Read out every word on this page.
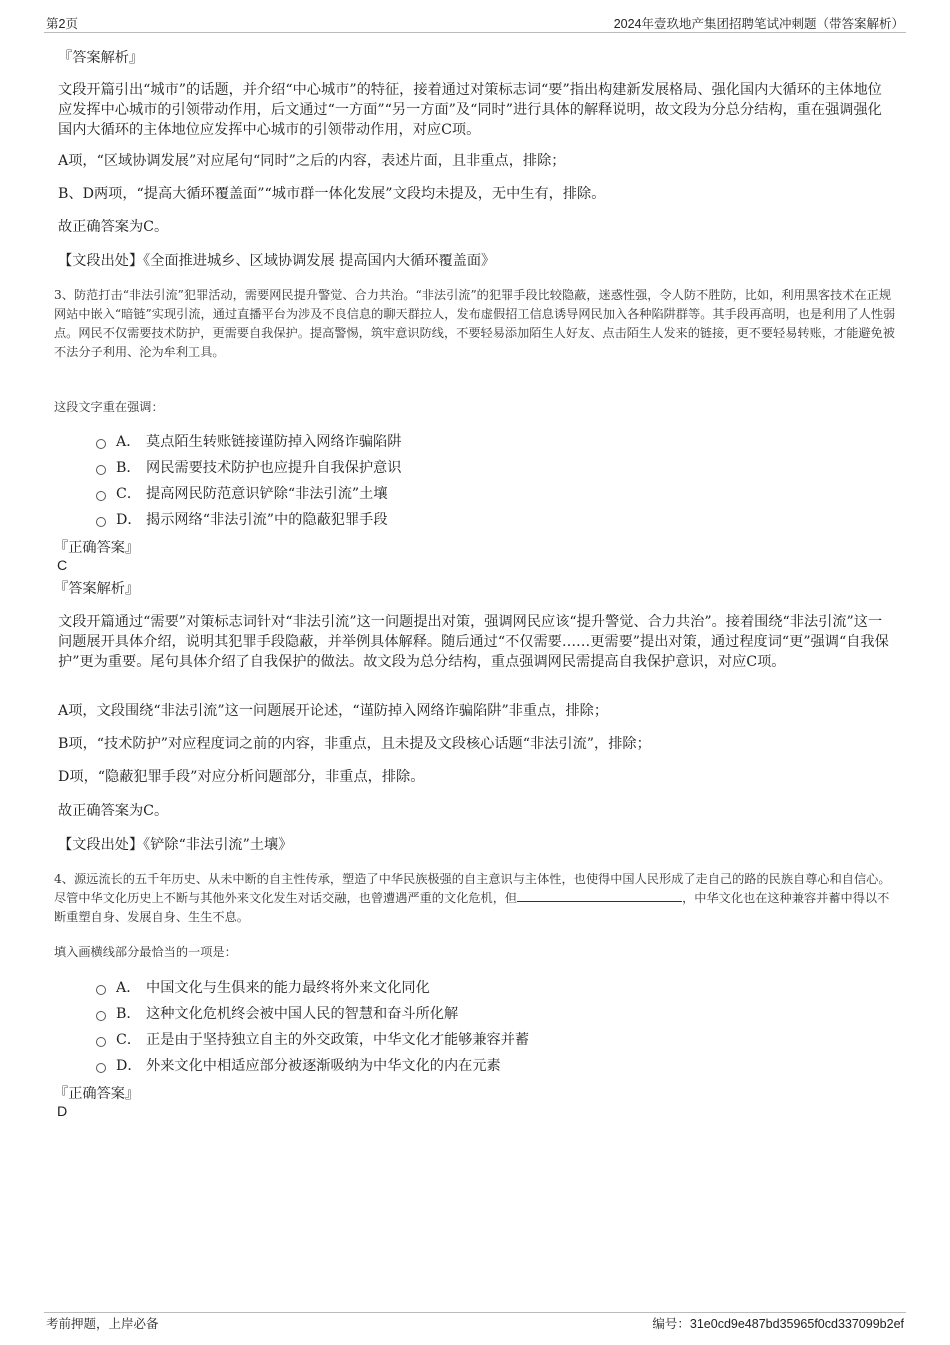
第2页	2024年壹玖地产集团招聘笔试冲刺题（带答案解析）
『答案解析』
文段开篇引出“城市”的话题，并介绍“中心城市”的特征，接着通过对策标志词“要”指出构建新发展格局、强化国内大循环的主体地位应发挥中心城市的引领带动作用，后文通过“一方面”“另一方面”及“同时”进行具体的解释说明，故文段为分总分结构，重在强调强化国内大循环的主体地位应发挥中心城市的引领带动作用，对应C项。
A项，“区域协调发展”对应尾句“同时”之后的内容，表述片面，且非重点，排除；
B、D两项，“提高大循环覆盖面”“城市群一体化发展”文段均未提及，无中生有，排除。
故正确答案为C。
【文段出处】《全面推进城乡、区域协调发展 提高国内大循环覆盖面》
3、防范打击“非法引流”犯罪活动，需要网民提升警觉、合力共治。“非法引流”的犯罪手段比较隐蔽，迷惑性强，令人防不胜防，比如，利用黑客技术在正规网站中嵌入“暗链”实现引流，通过直播平台为涉及不良信息的聊天群拉人，发布虚假招工信息诱导网民加入各种陷阱群等。其手段再高明，也是利用了人性弱点。网民不仅需要技术防护，更需要自我保护。提高警惕，筑牢意识防线，不要轻易添加陌生人好友、点击陌生人发来的链接，更不要轻易转账，才能避免被不法分子利用、沦为牟利工具。
这段文字重在强调：
A． 莫点陌生转账链接谨防掉入网络诈骗陷阱
B． 网民需要技术防护也应提升自我保护意识
C． 提高网民防范意识铲除“非法引流”土壤
D． 揭示网络“非法引流”中的隐蔽犯罪手段
『正确答案』
C
『答案解析』
文段开篇通过“需要”对策标志词针对“非法引流”这一问题提出对策，强调网民应该“提升警觉、合力共治”。接着围绕“非法引流”这一问题展开具体介绍，说明其犯罪手段隐蔽，并举例具体解释。随后通过“不仅需要……更需要”提出对策，通过程度词“更”强调“自我保护”更为重要。尾句具体介绍了自我保护的做法。故文段为总分结构，重点强调网民需提高自我保护意识，对应C项。
A项，文段围绕“非法引流”这一问题展开论述，“谨防掉入网络诈骗陷阱”非重点，排除；
B项，“技术防护”对应程度词之前的内容，非重点，且未提及文段核心话题“非法引流”，排除；
D项，“隐蔽犯罪手段”对应分析问题部分，非重点，排除。
故正确答案为C。
【文段出处】《铲除“非法引流”土壤》
4、源远流长的五千年历史、从未中断的自主性传承，塑造了中华民族极强的自主意识与主体性，也使得中国人民形成了走自己的路的民族自尊心和自信心。尽管中华文化历史上不断与其他外来文化发生对话交融，也曾遭遇严重的文化危机，但	，中华文化也在这种兼容并蓄中得以不断重塑自身、发展自身、生生不息。
填入画横线部分最恰当的一项是：
A． 中国文化与生俱来的能力最终将外来文化同化
B． 这种文化危机终会被中国人民的智慧和奋斗所化解
C． 正是由于坚持独立自主的外交政策，中华文化才能够兼容并蓄
D． 外来文化中相适应部分被逐渐吸纳为中华文化的内在元素
『正确答案』
D
考前押题，上岸必备	编号：31e0cd9e487bd35965f0cd337099b2ef
